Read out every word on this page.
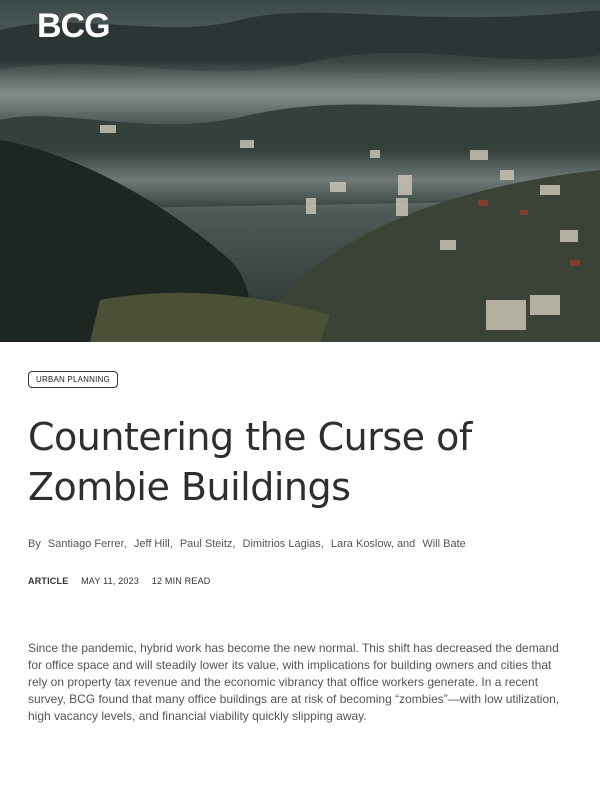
BCG
URBAN PLANNING
Countering the Curse of Zombie Buildings
By Santiago Ferrer, Jeff Hill, Paul Steitz, Dimitrios Lagias, Lara Koslow, and Will Bate
ARTICLE MAY 11, 2023 12 MIN READ

Since the pandemic, hybrid work has become the new normal. This shift has decreased the demand for office space and will steadily lower its value, with implications for building owners and cities that rely on property tax revenue and the economic vibrancy that office workers generate. In a recent survey, BCG found that many office buildings are at risk of becoming “zombies”—with low utilization, high vacancy levels, and financial viability quickly slipping away.
